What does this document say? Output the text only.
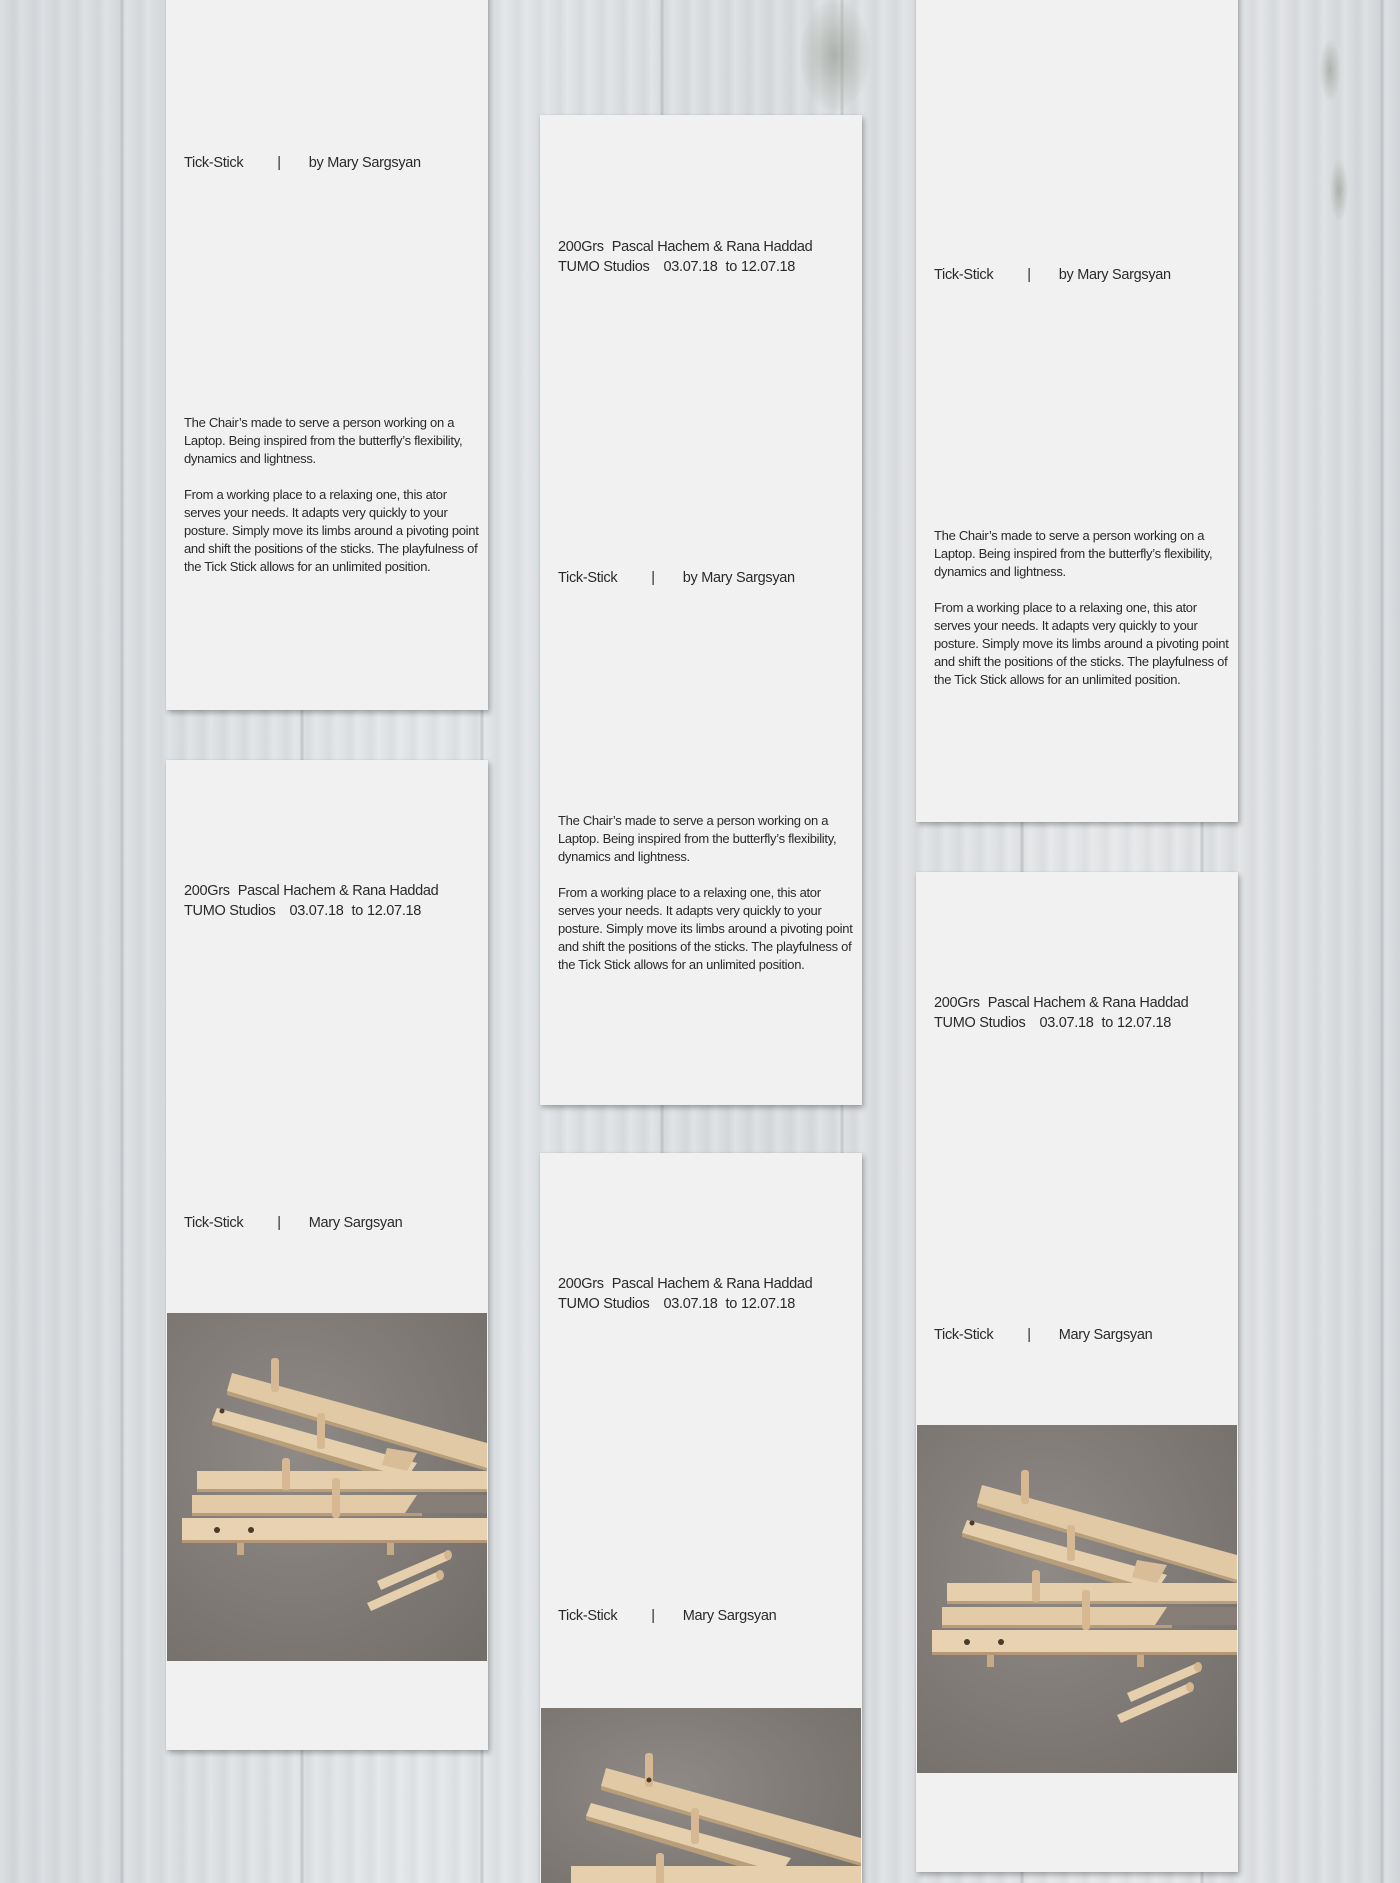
Tick-Stick | by Mary Sargsyan

The Chair’s made to serve a person working on a Laptop. Being inspired from the butterfly’s flexibility, dynamics and lightness.

From a working place to a relaxing one, this ator serves your needs. It adapts very quickly to your posture. Simply move its limbs around a pivoting point and shift the positions of the sticks. The playfulness of the Tick Stick allows for an unlimited position.

200Grs Pascal Hachem & Rana Haddad
TUMO Studios 03.07.18 to 12.07.18
Tick-Stick | by Mary Sargsyan

The Chair’s made to serve a person working on a Laptop. Being inspired from the butterfly’s flexibility, dynamics and lightness.

From a working place to a relaxing one, this ator serves your needs. It adapts very quickly to your posture. Simply move its limbs around a pivoting point and shift the positions of the sticks. The playfulness of the Tick Stick allows for an unlimited position.

Tick-Stick | by Mary Sargsyan

The Chair’s made to serve a person working on a Laptop. Being inspired from the butterfly’s flexibility, dynamics and lightness.

From a working place to a relaxing one, this ator serves your needs. It adapts very quickly to your posture. Simply move its limbs around a pivoting point and shift the positions of the sticks. The playfulness of the Tick Stick allows for an unlimited position.

200Grs Pascal Hachem & Rana Haddad
TUMO Studios 03.07.18 to 12.07.18
Tick-Stick | Mary Sargsyan
200Grs Pascal Hachem & Rana Haddad
TUMO Studios 03.07.18 to 12.07.18
Tick-Stick | Mary Sargsyan
200Grs Pascal Hachem & Rana Haddad
TUMO Studios 03.07.18 to 12.07.18
Tick-Stick | Mary Sargsyan
